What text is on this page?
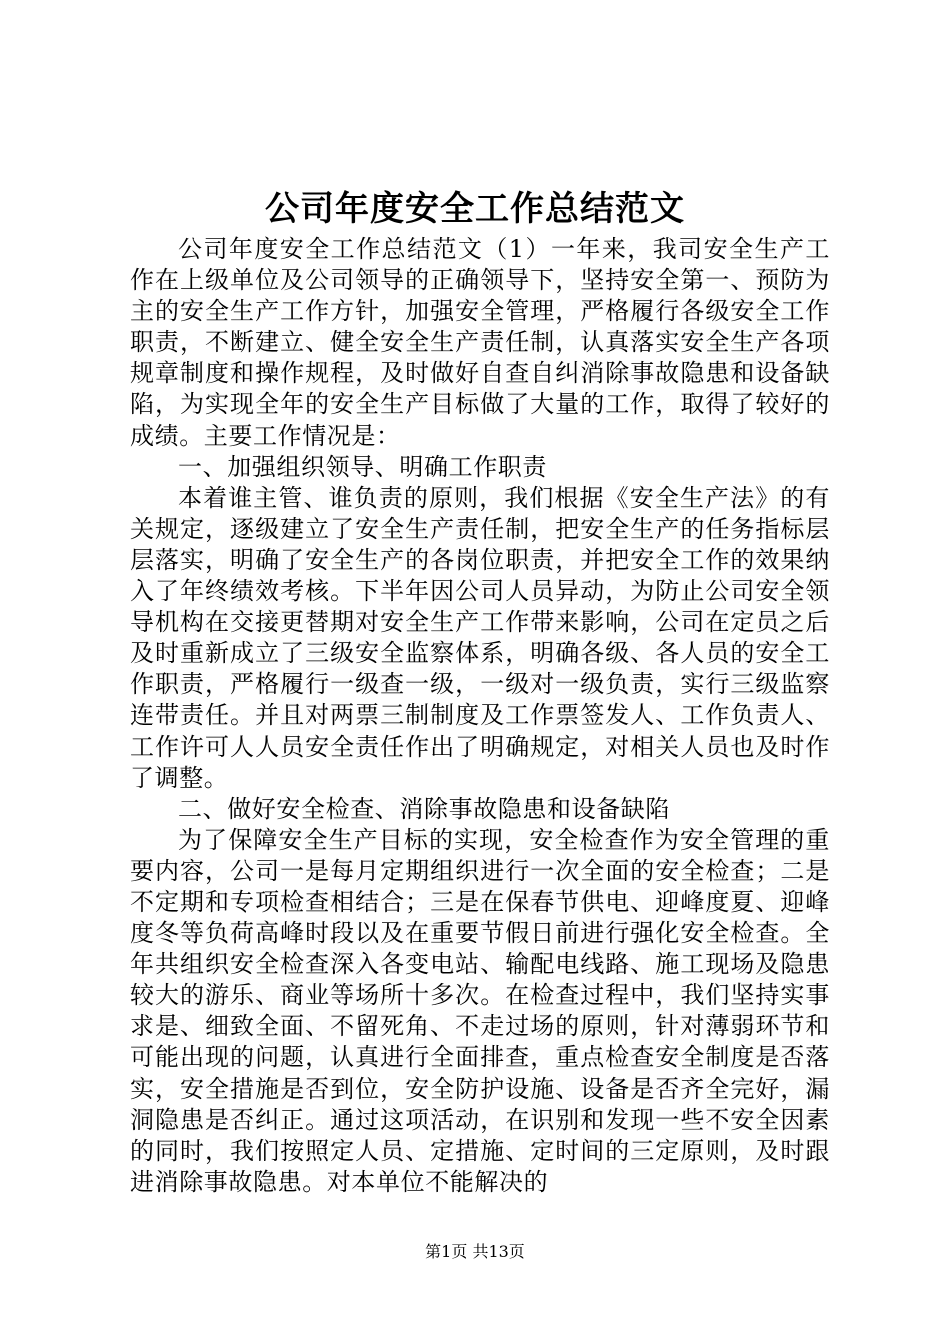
公司年度安全工作总结范文

公司年度安全工作总结范文（1）一年来，我司安全生产工作在上级单位及公司领导的正确领导下，坚持安全第一、预防为主的安全生产工作方针，加强安全管理，严格履行各级安全工作职责，不断建立、健全安全生产责任制，认真落实安全生产各项规章制度和操作规程，及时做好自查自纠消除事故隐患和设备缺陷，为实现全年的安全生产目标做了大量的工作，取得了较好的成绩。主要工作情况是：

一、加强组织领导、明确工作职责

本着谁主管、谁负责的原则，我们根据《安全生产法》的有关规定，逐级建立了安全生产责任制，把安全生产的任务指标层层落实，明确了安全生产的各岗位职责，并把安全工作的效果纳入了年终绩效考核。下半年因公司人员异动，为防止公司安全领导机构在交接更替期对安全生产工作带来影响，公司在定员之后及时重新成立了三级安全监察体系，明确各级、各人员的安全工作职责，严格履行一级查一级，一级对一级负责，实行三级监察连带责任。并且对两票三制制度及工作票签发人、工作负责人、工作许可人人员安全责任作出了明确规定，对相关人员也及时作了调整。

二、做好安全检查、消除事故隐患和设备缺陷

为了保障安全生产目标的实现，安全检查作为安全管理的重要内容，公司一是每月定期组织进行一次全面的安全检查；二是不定期和专项检查相结合；三是在保春节供电、迎峰度夏、迎峰度冬等负荷高峰时段以及在重要节假日前进行强化安全检查。全年共组织安全检查深入各变电站、输配电线路、施工现场及隐患较大的游乐、商业等场所十多次。在检查过程中，我们坚持实事求是、细致全面、不留死角、不走过场的原则，针对薄弱环节和可能出现的问题，认真进行全面排查，重点检查安全制度是否落实，安全措施是否到位，安全防护设施、设备是否齐全完好，漏洞隐患是否纠正。通过这项活动，在识别和发现一些不安全因素的同时，我们按照定人员、定措施、定时间的三定原则，及时跟进消除事故隐患。对本单位不能解决的

第1页 共13页
